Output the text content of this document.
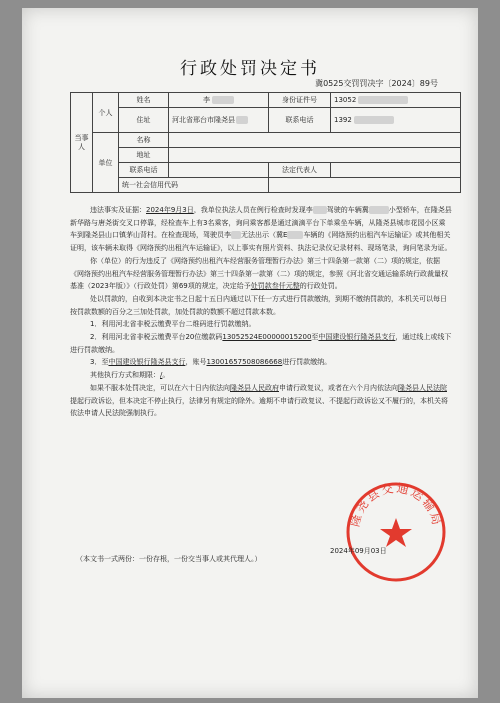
行政处罚决定书
冀0525交罚罚决字〔2024〕89号
当事人	个人	姓名	李	身份证件号	13052
		住址	河北省邢台市隆尧县	联系电话	1392

	单位	名称			
		地址			
		联系电话		法定代表人	
		统一社会信用代码			

违法事实及证据：2024年9月3日，我单位执法人员在例行检查时发现李 驾驶的车辆冀	小型轿车，在隆尧县新华路与唐尧街交叉口停靠，经检查车上有3名乘客，询问乘客都是通过滴滴平台下单乘坐车辆，从隆尧县城市花园小区乘车到隆尧县山口镇茅山背村。在检查现场，驾驶员李 无法出示（冀E 车辆的《网络预约出租汽车运输证》或其他相关证明，该车辆未取得《网络预约出租汽车运输证》，以上事实有照片资料、执法记录仪记录材料、现场笔录，询问笔录为证。

你（单位）的行为违反了《网络预约出租汽车经营服务管理暂行办法》第三十四条第一款第（二）项的规定，依据《网络预约出租汽车经营服务管理暂行办法》第三十四条第一款第（二）项的规定，参照《河北省交通运输系统行政裁量权基准（2023年版）》（行政处罚）第69项的规定，决定给予处罚款叁仟元整的行政处罚。

处以罚款的，自收到本决定书之日起十五日内通过以下任一方式进行罚款缴纳，到期不缴纳罚款的，本机关可以每日按罚款数额的百分之三加处罚款，加处罚款的数额不超过罚款本数。

1．利用河北省非税云缴费平台二维码进行罚款缴纳。

2．利用河北省非税云缴费平台20位缴款码13052524E00000015200至中国建设银行隆尧县支行，通过线上或线下进行罚款缴纳。

3．至中国建设银行隆尧县支行，账号13001657508086668进行罚款缴纳。

其他执行方式和期限：/。

如果不服本处罚决定，可以在六十日内依法向隆尧县人民政府申请行政复议，或者在六个月内依法向隆尧县人民法院提起行政诉讼，但本决定不停止执行，法律另有规定的除外。逾期不申请行政复议、不提起行政诉讼又不履行的，本机关将依法申请人民法院强制执行。

隆尧县交通运输局
2024年09月03日
（本文书一式两份：一份存根，一份交当事人或其代理人。）
